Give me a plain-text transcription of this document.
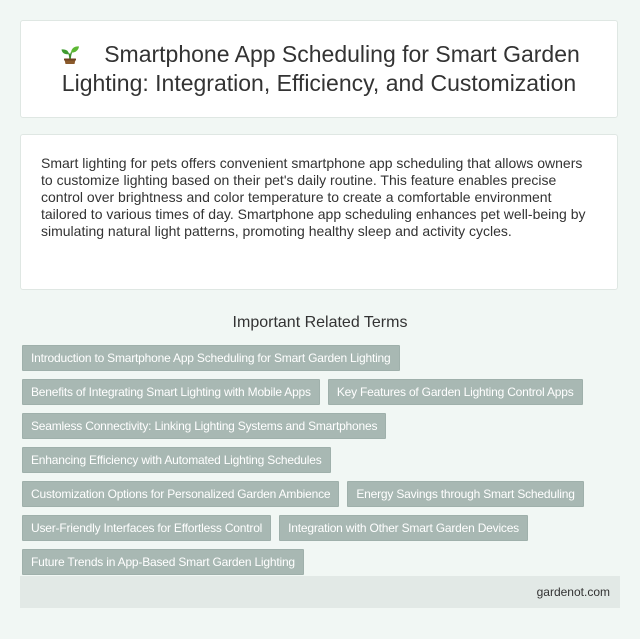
Smartphone App Scheduling for Smart Garden Lighting: Integration, Efficiency, and Customization

Smart lighting for pets offers convenient smartphone app scheduling that allows owners to customize lighting based on their pet's daily routine. This feature enables precise control over brightness and color temperature to create a comfortable environment tailored to various times of day. Smartphone app scheduling enhances pet well-being by simulating natural light patterns, promoting healthy sleep and activity cycles.

Important Related Terms
Introduction to Smartphone App Scheduling for Smart Garden Lighting
Benefits of Integrating Smart Lighting with Mobile Apps	Key Features of Garden Lighting Control Apps
Seamless Connectivity: Linking Lighting Systems and Smartphones
Enhancing Efficiency with Automated Lighting Schedules
Customization Options for Personalized Garden Ambience	Energy Savings through Smart Scheduling
User-Friendly Interfaces for Effortless Control	Integration with Other Smart Garden Devices
Future Trends in App-Based Smart Garden Lighting
gardenot.com
